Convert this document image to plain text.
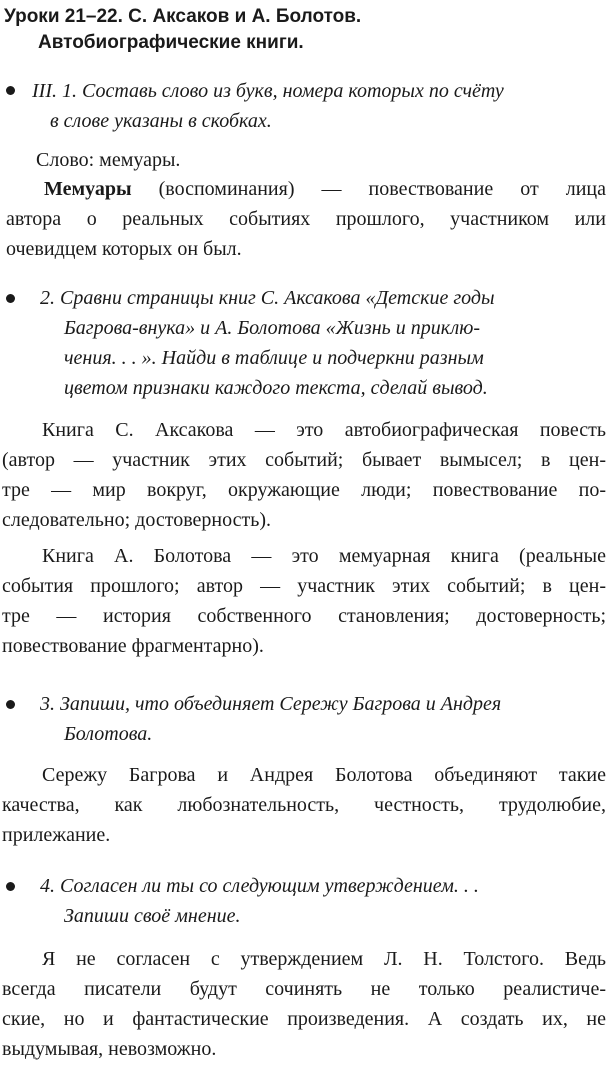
Уроки 21–22. С. Аксаков и А. Болотов.
Автобиографические книги.
III. 1. Составь слово из букв, номера которых по счёту
в слове указаны в скобках.
Слово: мемуары.
Мемуары (воспоминания) — повествование от лица
автора о реальных событиях прошлого, участником или
очевидцем которых он был.
2. Сравни страницы книг С. Аксакова «Детские годы
Багрова-внука» и А. Болотова «Жизнь и приклю-
чения. . . ». Найди в таблице и подчеркни разным
цветом признаки каждого текста, сделай вывод.
Книга С. Аксакова — это автобиографическая повесть
(автор — участник этих событий; бывает вымысел; в цен-
тре — мир вокруг, окружающие люди; повествование по-
следовательно; достоверность).
Книга А. Болотова — это мемуарная книга (реальные
события прошлого; автор — участник этих событий; в цен-
тре — история собственного становления; достоверность;
повествование фрагментарно).
3. Запиши, что объединяет Сережу Багрова и Андрея
Болотова.
Сережу Багрова и Андрея Болотова объединяют такие
качества, как любознательность, честность, трудолюбие,
прилежание.
4. Согласен ли ты со следующим утверждением. . .
Запиши своё мнение.
Я не согласен с утверждением Л. Н. Толстого. Ведь
всегда писатели будут сочинять не только реалистиче-
ские, но и фантастические произведения. А создать их, не
выдумывая, невозможно.
